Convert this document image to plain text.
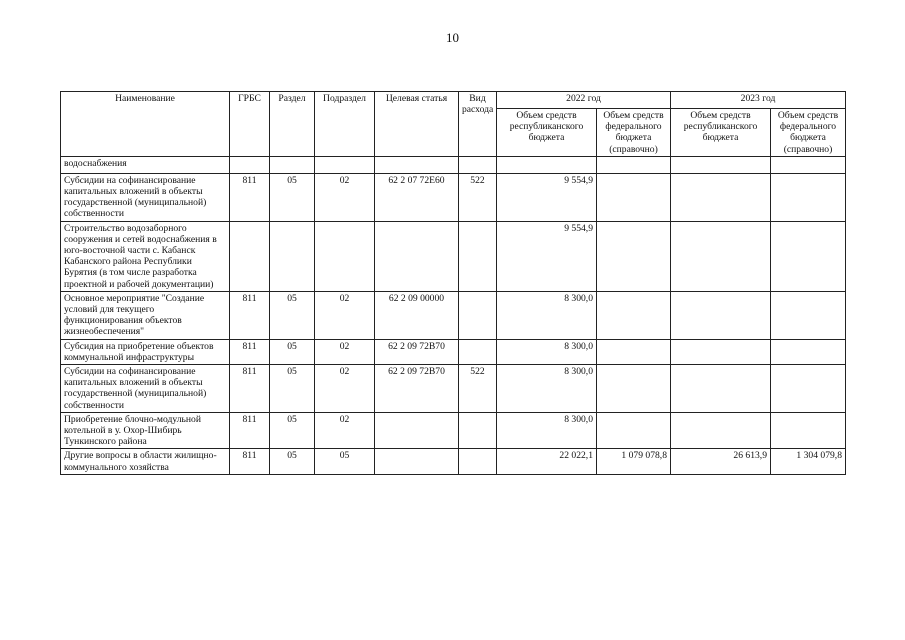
10
Наименование	ГРБС	Раздел	Подраздел	Целевая статья	Вид расхода	2022 год		2023 год	
						Объем средств республиканского бюджета	Объем средств федерального бюджета (справочно)	Объем средств республиканского бюджета	Объем средств федерального бюджета (справочно)
водоснабжения									
Субсидии на софинансирование капитальных вложений в объекты государственной (муниципальной) собственности	811	05	02	62 2 07 72Е60	522	9 554,9			
Строительство водозаборного сооружения и сетей водоснабжения в юго-восточной части с. Кабанск Кабанского района Республики Бурятия (в том числе разработка проектной и рабочей документации)						9 554,9			
Основное мероприятие "Создание условий для текущего функционирования объектов жизнеобеспечения"	811	05	02	62 2 09 00000		8 300,0			
Субсидия на приобретение объектов коммунальной инфраструктуры	811	05	02	62 2 09 72В70		8 300,0			
Субсидии на софинансирование капитальных вложений в объекты государственной (муниципальной) собственности	811	05	02	62 2 09 72В70	522	8 300,0			
Приобретение блочно-модульной котельной в у. Охор-Шибирь Тункинского района	811	05	02			8 300,0			
Другие вопросы в области жилищно-коммунального хозяйства	811	05	05			22 022,1	1 079 078,8	26 613,9	1 304 079,8
